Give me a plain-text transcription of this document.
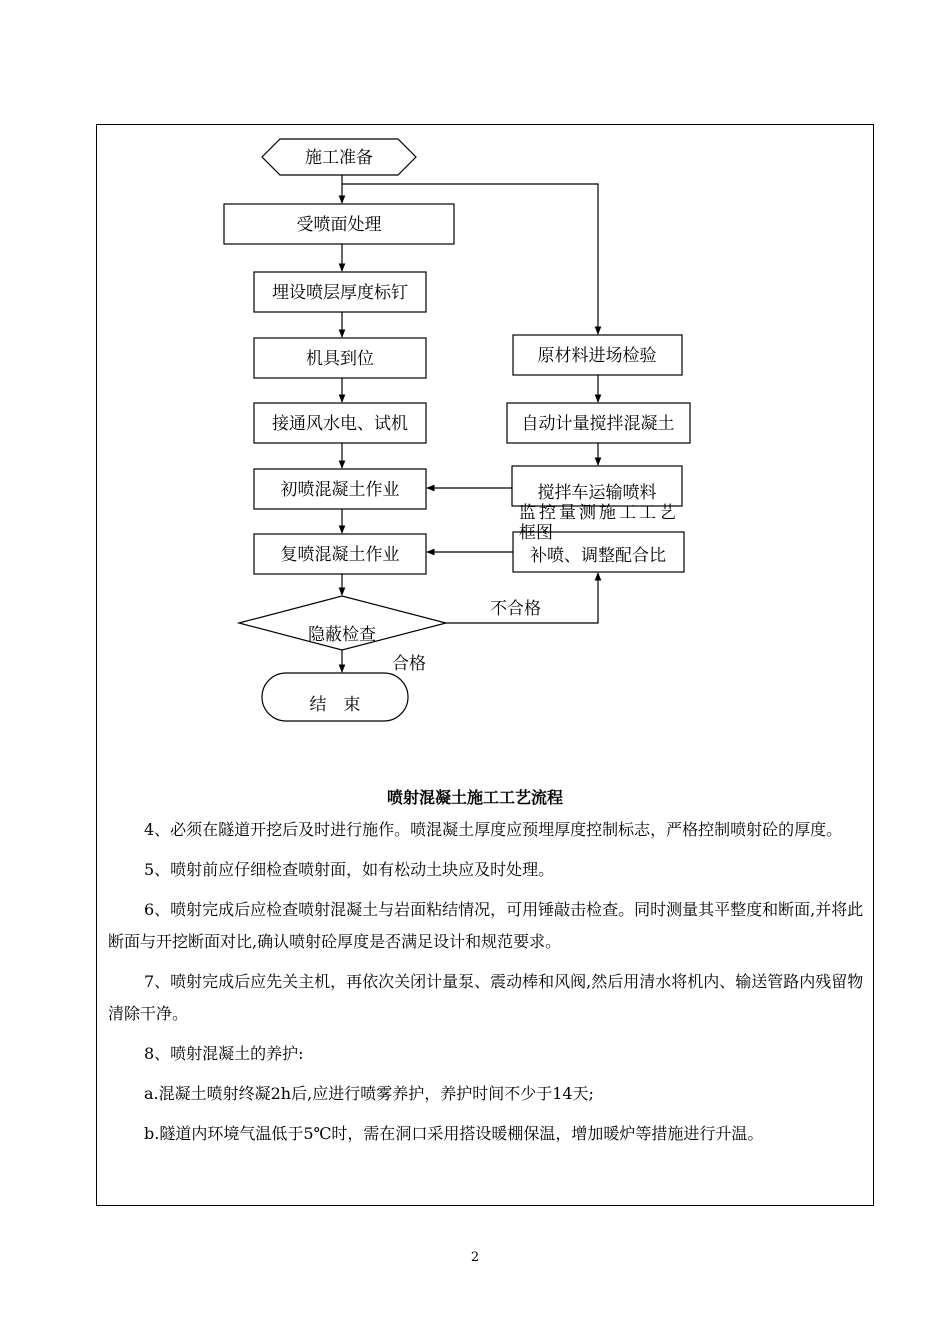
施工准备
受喷面处理
埋设喷层厚度标钉
机具到位
接通风水电、试机
初喷混凝土作业
复喷混凝土作业
原材料进场检验
自动计量搅拌混凝土
搅拌车运输喷料
补喷、调整配合比
监控量测施工工艺
框图
隐蔽检查
结　束
不合格
合格
喷射混凝土施工工艺流程

4、必须在隧道开挖后及时进行施作。喷混凝土厚度应预埋厚度控制标志，严格控制喷射砼的厚度。

5、喷射前应仔细检查喷射面，如有松动土块应及时处理。

6、喷射完成后应检查喷射混凝土与岩面粘结情况，可用锤敲击检查。同时测量其平整度和断面,并将此断面与开挖断面对比,确认喷射砼厚度是否满足设计和规范要求。

7、喷射完成后应先关主机，再依次关闭计量泵、震动棒和风阀,然后用清水将机内、输送管路内残留物清除干净。

8、喷射混凝土的养护:

a.混凝土喷射终凝2h后,应进行喷雾养护，养护时间不少于14天;

b.隧道内环境气温低于5℃时，需在洞口采用搭设暖棚保温，增加暖炉等措施进行升温。

2
